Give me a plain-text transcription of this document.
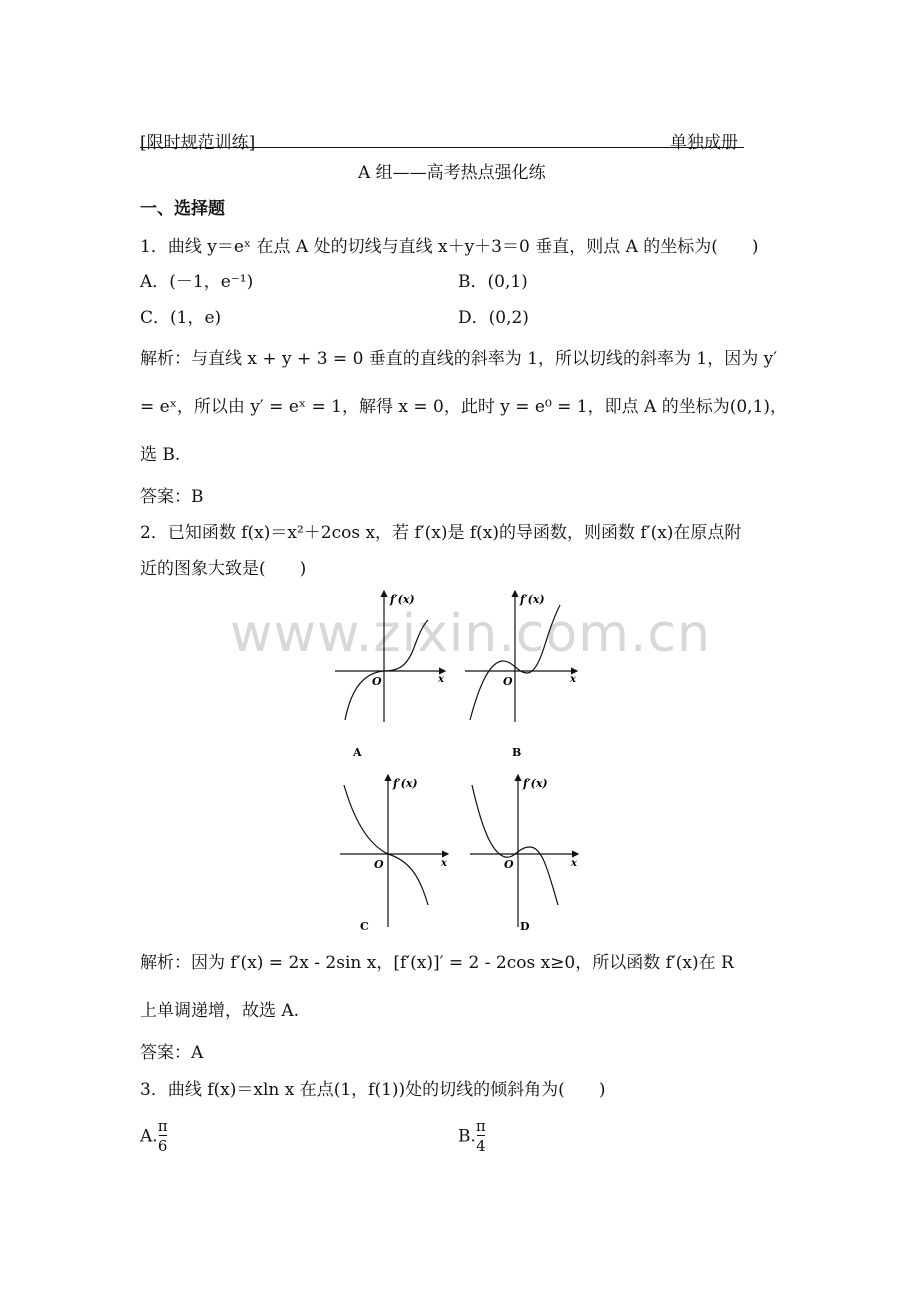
[限时规范训练]	单独成册
A 组——高考热点强化练
一、选择题
1．曲线 y＝eˣ 在点 A 处的切线与直线 x＋y＋3＝0 垂直，则点 A 的坐标为(　　)
A．(－1，e⁻¹)	B．(0,1)
C．(1，e)	D．(0,2)
解析：与直线 x + y + 3 = 0 垂直的直线的斜率为 1，所以切线的斜率为 1，因为 y′
= eˣ，所以由 y′ = eˣ = 1，解得 x = 0，此时 y = e⁰ = 1，即点 A 的坐标为(0,1)，
选 B.
答案：B
2．已知函数 f(x)＝x²＋2cos x，若 f′(x)是 f(x)的导函数，则函数 f′(x)在原点附
近的图象大致是(　　)
www.zixin.com.cn
f′(x)
x
O
A
f′(x)
x
O
B
f′(x)
x
O
C
f′(x)
x
O
D
解析：因为 f′(x) = 2x - 2sin x，[f′(x)]′ = 2 - 2cos x≥0，所以函数 f′(x)在 R
上单调递增，故选 A.
答案：A
3．曲线 f(x)＝xln x 在点(1，f(1))处的切线的倾斜角为(　　)
A. $\frac{\pi}{6}$	B. $\frac{\pi}{4}$
